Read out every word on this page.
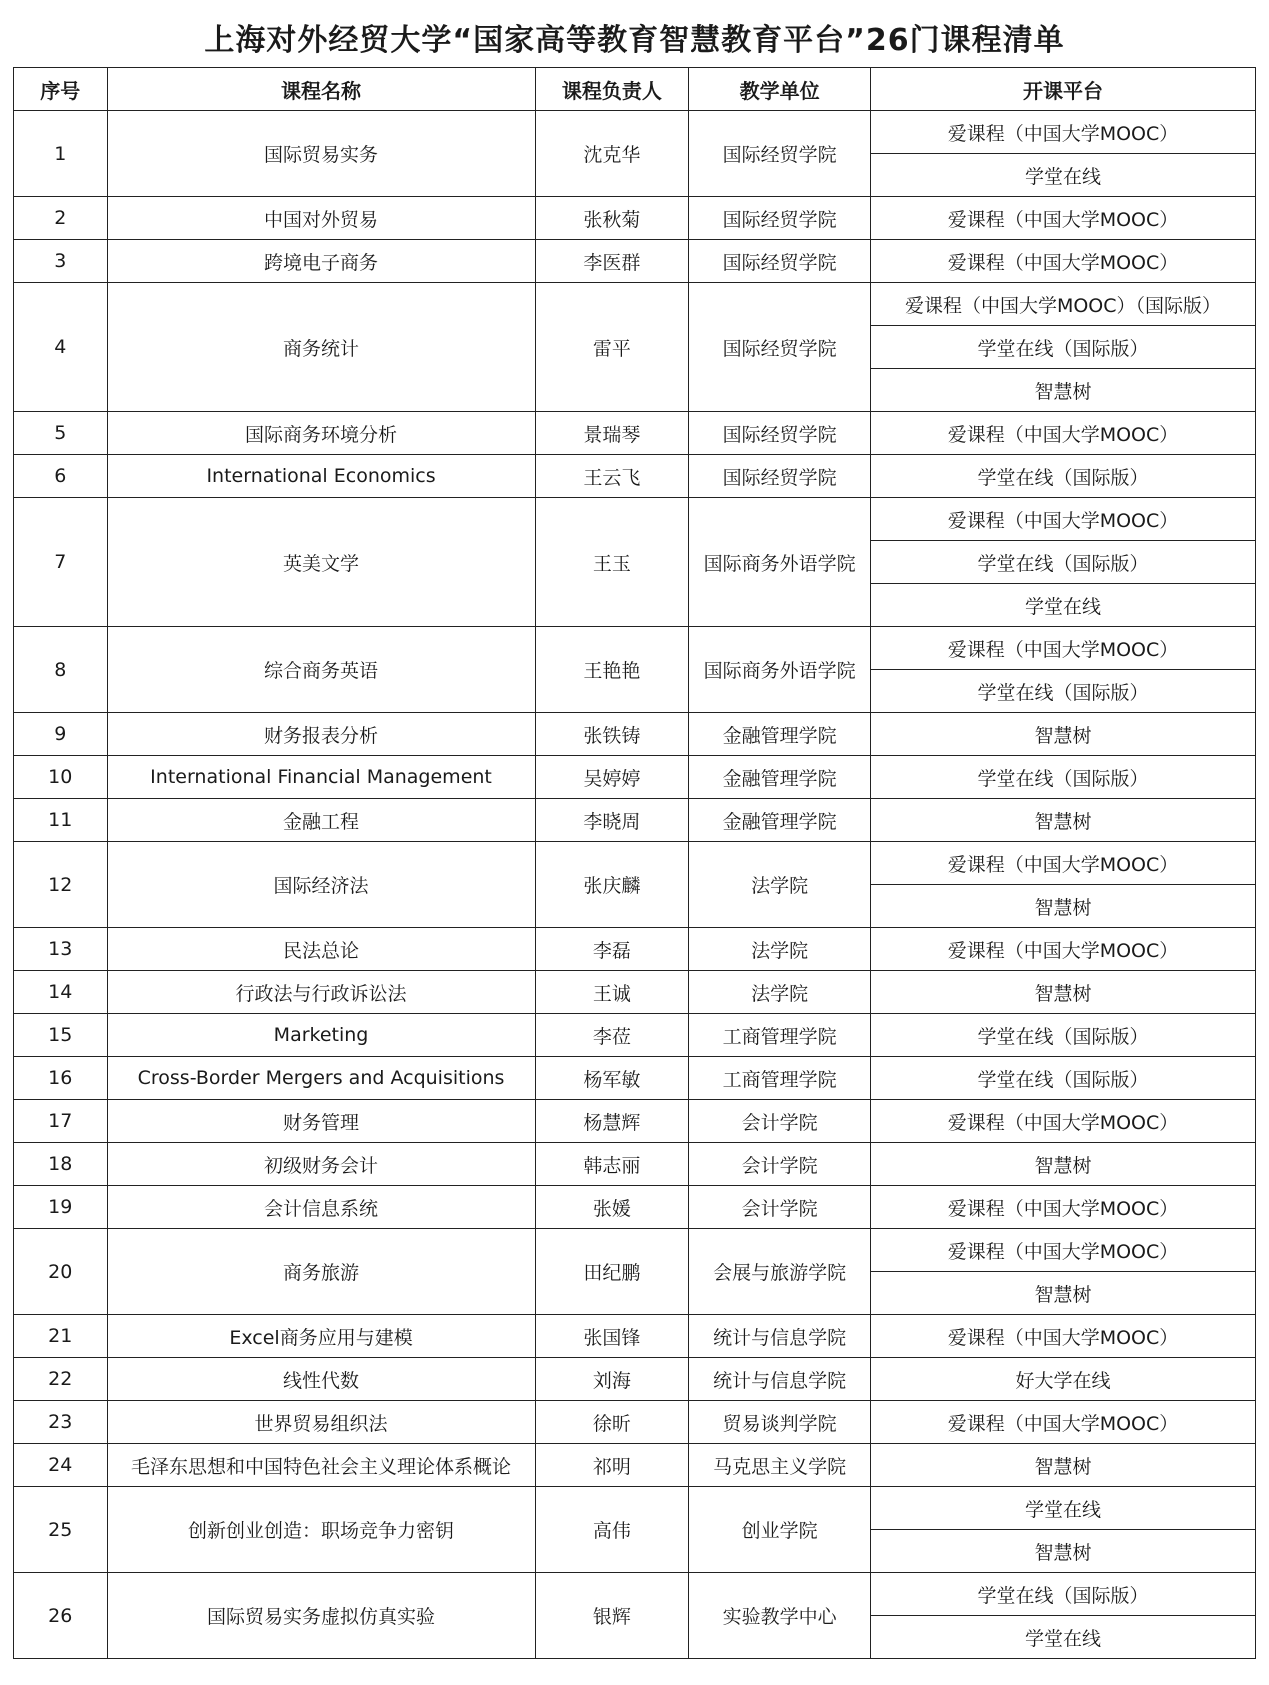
上海对外经贸大学“国家高等教育智慧教育平台”26门课程清单
序号	课程名称	课程负责人	教学单位	开课平台
1	国际贸易实务	沈克华	国际经贸学院	爱课程（中国大学MOOC）
				学堂在线
2	中国对外贸易	张秋菊	国际经贸学院	爱课程（中国大学MOOC）
3	跨境电子商务	李医群	国际经贸学院	爱课程（中国大学MOOC）
4	商务统计	雷平	国际经贸学院	爱课程（中国大学MOOC）（国际版）
				学堂在线（国际版）
				智慧树
5	国际商务环境分析	景瑞琴	国际经贸学院	爱课程（中国大学MOOC）
6	International Economics	王云飞	国际经贸学院	学堂在线（国际版）
7	英美文学	王玉	国际商务外语学院	爱课程（中国大学MOOC）
				学堂在线（国际版）
				学堂在线
8	综合商务英语	王艳艳	国际商务外语学院	爱课程（中国大学MOOC）
				学堂在线（国际版）
9	财务报表分析	张铁铸	金融管理学院	智慧树
10	International Financial Management	吴婷婷	金融管理学院	学堂在线（国际版）
11	金融工程	李晓周	金融管理学院	智慧树
12	国际经济法	张庆麟	法学院	爱课程（中国大学MOOC）
				智慧树
13	民法总论	李磊	法学院	爱课程（中国大学MOOC）
14	行政法与行政诉讼法	王诚	法学院	智慧树
15	Marketing	李莅	工商管理学院	学堂在线（国际版）
16	Cross-Border Mergers and Acquisitions	杨军敏	工商管理学院	学堂在线（国际版）
17	财务管理	杨慧辉	会计学院	爱课程（中国大学MOOC）
18	初级财务会计	韩志丽	会计学院	智慧树
19	会计信息系统	张媛	会计学院	爱课程（中国大学MOOC）
20	商务旅游	田纪鹏	会展与旅游学院	爱课程（中国大学MOOC）
				智慧树
21	Excel商务应用与建模	张国锋	统计与信息学院	爱课程（中国大学MOOC）
22	线性代数	刘海	统计与信息学院	好大学在线
23	世界贸易组织法	徐昕	贸易谈判学院	爱课程（中国大学MOOC）
24	毛泽东思想和中国特色社会主义理论体系概论	祁明	马克思主义学院	智慧树
25	创新创业创造：职场竞争力密钥	高伟	创业学院	学堂在线
				智慧树
26	国际贸易实务虚拟仿真实验	银辉	实验教学中心	学堂在线（国际版）
				学堂在线
